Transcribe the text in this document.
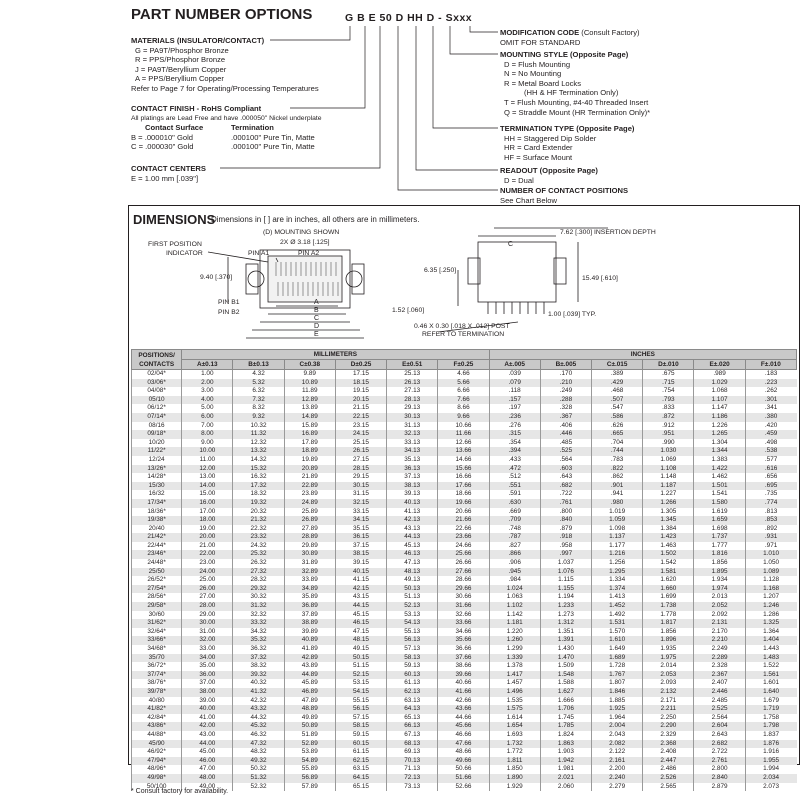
PART NUMBER OPTIONS	G B E 50 D HH D - Sxxx
MATERIALS (INSULATOR/CONTACT)
G = PA9T/Phosphor Bronze
R = PPS/Phosphor Bronze
J = PA9T/Beryllium Copper
A = PPS/Beryllium Copper
Refer to Page 7 for Operating/Processing Temperatures
CONTACT FINISH - RoHS Compliant
All platings are Lead Free and have .000050" Nickel underplate
Contact Surface	Termination
B = .000010" Gold	.000100" Pure Tin, Matte
C = .000030" Gold	.000100" Pure Tin, Matte
CONTACT CENTERS
E = 1.00 mm [.039"]
MODIFICATION CODE (Consult Factory)
OMIT FOR STANDARD
MOUNTING STYLE (Opposite Page)
D = Flush Mounting
N = No Mounting
R = Metal Board Locks
(HH & HF Termination Only)
T = Flush Mounting, #4-40 Threaded Insert
Q = Straddle Mount (HR Termination Only)*
TERMINATION TYPE (Opposite Page)
HH = Staggered Dip Solder
HR = Card Extender
HF = Surface Mount
READOUT (Opposite Page)
D = Dual
NUMBER OF CONTACT POSITIONS
See Chart Below
DIMENSIONS
Dimensions in [ ] are in inches, all others are in millimeters.
(D) MOUNTING SHOWN
2X Ø 3.18 [.125]
FIRST POSITION
INDICATOR	PIN A1	PIN A2
9.40 [.370]
PIN B1
PIN B2
A
B
C
D
E
7.62 [.300] INSERTION DEPTH
C
6.35 [.250]
15.49 [.610]
1.52 [.060]
1.00 [.039] TYP.
0.46 X 0.30 [.018 X .012] POST
REFER TO TERMINATION
POSITIONS/ CONTACTS	MILLIMETERS						INCHES					
	A±0.13	B±0.13	C±0.38	D±0.25	E±0.51	F±0.25	A±.005	B±.005	C±.015	D±.010	E±.020	F±.010
02/04*	1.00	4.32	9.89	17.15	25.13	4.66	.039	.170	.389	.675	.989	.183
03/06*	2.00	5.32	10.89	18.15	26.13	5.66	.079	.210	.429	.715	1.029	.223
04/08*	3.00	6.32	11.89	19.15	27.13	6.66	.118	.249	.468	.754	1.068	.262
05/10	4.00	7.32	12.89	20.15	28.13	7.66	.157	.288	.507	.793	1.107	.301
06/12*	5.00	8.32	13.89	21.15	29.13	8.66	.197	.328	.547	.833	1.147	.341
07/14*	6.00	9.32	14.89	22.15	30.13	9.66	.236	.367	.586	.872	1.186	.380
08/16	7.00	10.32	15.89	23.15	31.13	10.66	.276	.406	.626	.912	1.226	.420
09/18*	8.00	11.32	16.89	24.15	32.13	11.66	.315	.446	.665	.951	1.265	.459
10/20	9.00	12.32	17.89	25.15	33.13	12.66	.354	.485	.704	.990	1.304	.498
11/22*	10.00	13.32	18.89	26.15	34.13	13.66	.394	.525	.744	1.030	1.344	.538
12/24	11.00	14.32	19.89	27.15	35.13	14.66	.433	.564	.783	1.069	1.383	.577
13/26*	12.00	15.32	20.89	28.15	36.13	15.66	.472	.603	.822	1.108	1.422	.616
14/28*	13.00	16.32	21.89	29.15	37.13	16.66	.512	.643	.862	1.148	1.462	.656
15/30	14.00	17.32	22.89	30.15	38.13	17.66	.551	.682	.901	1.187	1.501	.695
16/32	15.00	18.32	23.89	31.15	39.13	18.66	.591	.722	.941	1.227	1.541	.735
17/34*	16.00	19.32	24.89	32.15	40.13	19.66	.630	.761	.980	1.266	1.580	.774
18/36*	17.00	20.32	25.89	33.15	41.13	20.66	.669	.800	1.019	1.305	1.619	.813
19/38*	18.00	21.32	26.89	34.15	42.13	21.66	.709	.840	1.059	1.345	1.659	.853
20/40	19.00	22.32	27.89	35.15	43.13	22.66	.748	.879	1.098	1.384	1.698	.892
21/42*	20.00	23.32	28.89	36.15	44.13	23.66	.787	.918	1.137	1.423	1.737	.931
22/44*	21.00	24.32	29.89	37.15	45.13	24.66	.827	.958	1.177	1.463	1.777	.971
23/46*	22.00	25.32	30.89	38.15	46.13	25.66	.866	.997	1.216	1.502	1.816	1.010
24/48*	23.00	26.32	31.89	39.15	47.13	26.66	.906	1.037	1.256	1.542	1.856	1.050
25/50	24.00	27.32	32.89	40.15	48.13	27.66	.945	1.076	1.295	1.581	1.895	1.089
26/52*	25.00	28.32	33.89	41.15	49.13	28.66	.984	1.115	1.334	1.620	1.934	1.128
27/54*	26.00	29.32	34.89	42.15	50.13	29.66	1.024	1.155	1.374	1.660	1.974	1.168
28/56*	27.00	30.32	35.89	43.15	51.13	30.66	1.063	1.194	1.413	1.699	2.013	1.207
29/58*	28.00	31.32	36.89	44.15	52.13	31.66	1.102	1.233	1.452	1.738	2.052	1.246
30/60	29.00	32.32	37.89	45.15	53.13	32.66	1.142	1.273	1.492	1.778	2.092	1.286
31/62*	30.00	33.32	38.89	46.15	54.13	33.66	1.181	1.312	1.531	1.817	2.131	1.325
32/64*	31.00	34.32	39.89	47.15	55.13	34.66	1.220	1.351	1.570	1.856	2.170	1.364
33/66*	32.00	35.32	40.89	48.15	56.13	35.66	1.260	1.391	1.610	1.896	2.210	1.404
34/68*	33.00	36.32	41.89	49.15	57.13	36.66	1.299	1.430	1.649	1.935	2.249	1.443
35/70	34.00	37.32	42.89	50.15	58.13	37.66	1.339	1.470	1.689	1.975	2.289	1.483
36/72*	35.00	38.32	43.89	51.15	59.13	38.66	1.378	1.509	1.728	2.014	2.328	1.522
37/74*	36.00	39.32	44.89	52.15	60.13	39.66	1.417	1.548	1.767	2.053	2.367	1.561
38/76*	37.00	40.32	45.89	53.15	61.13	40.66	1.457	1.588	1.807	2.093	2.407	1.601
39/78*	38.00	41.32	46.89	54.15	62.13	41.66	1.496	1.627	1.846	2.132	2.446	1.640
40/80	39.00	42.32	47.89	55.15	63.13	42.66	1.535	1.666	1.885	2.171	2.485	1.679
41/82*	40.00	43.32	48.89	56.15	64.13	43.66	1.575	1.706	1.925	2.211	2.525	1.719
42/84*	41.00	44.32	49.89	57.15	65.13	44.66	1.614	1.745	1.964	2.250	2.564	1.758
43/86*	42.00	45.32	50.89	58.15	66.13	45.66	1.654	1.785	2.004	2.290	2.604	1.798
44/88*	43.00	46.32	51.89	59.15	67.13	46.66	1.693	1.824	2.043	2.329	2.643	1.837
45/90	44.00	47.32	52.89	60.15	68.13	47.66	1.732	1.863	2.082	2.368	2.682	1.876
46/92*	45.00	48.32	53.89	61.15	69.13	48.66	1.772	1.903	2.122	2.408	2.722	1.916
47/94*	46.00	49.32	54.89	62.15	70.13	49.66	1.811	1.942	2.161	2.447	2.761	1.955
48/96*	47.00	50.32	55.89	63.15	71.13	50.66	1.850	1.981	2.200	2.486	2.800	1.994
49/98*	48.00	51.32	56.89	64.15	72.13	51.66	1.890	2.021	2.240	2.526	2.840	2.034
50/100	49.00	52.32	57.89	65.15	73.13	52.66	1.929	2.060	2.279	2.565	2.879	2.073
* Consult factory for availability.
